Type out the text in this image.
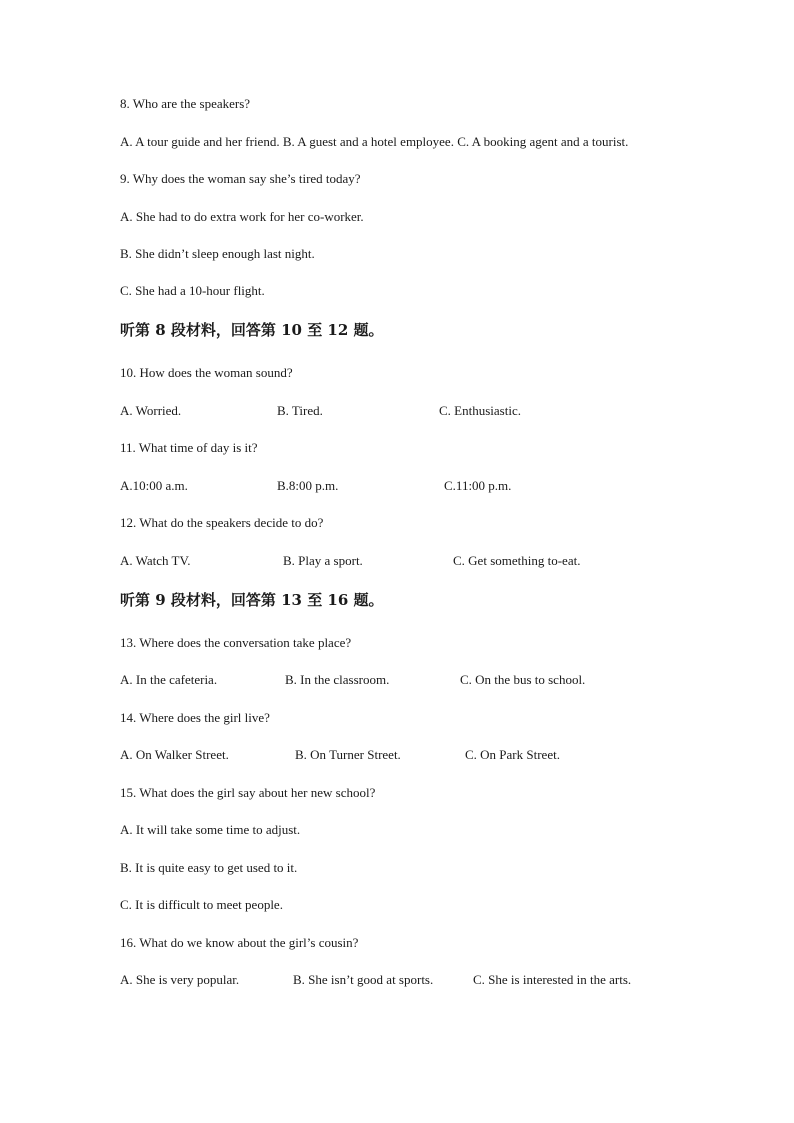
8. Who are the speakers?
A. A tour guide and her friend. B. A guest and a hotel employee. C. A booking agent and a tourist.
9. Why does the woman say she’s tired today?
A. She had to do extra work for her co-worker.
B. She didn’t sleep enough last night.
C. She had a 10-hour flight.
听第 8 段材料，回答第 10 至 12 题。
10. How does the woman sound?
A. Worried.	B. Tired.	C. Enthusiastic.
11. What time of day is it?
A.10:00 a.m.	B.8:00 p.m.	C.11:00 p.m.
12. What do the speakers decide to do?
A. Watch TV.	B. Play a sport.	C. Get something to-eat.
听第 9 段材料，回答第 13 至 16 题。
13. Where does the conversation take place?
A. In the cafeteria.	B. In the classroom.	C. On the bus to school.
14. Where does the girl live?
A. On Walker Street.	B. On Turner Street.	C. On Park Street.
15. What does the girl say about her new school?
A. It will take some time to adjust.
B. It is quite easy to get used to it.
C. It is difficult to meet people.
16. What do we know about the girl’s cousin?
A. She is very popular.	B. She isn’t good at sports.	C. She is interested in the arts.
